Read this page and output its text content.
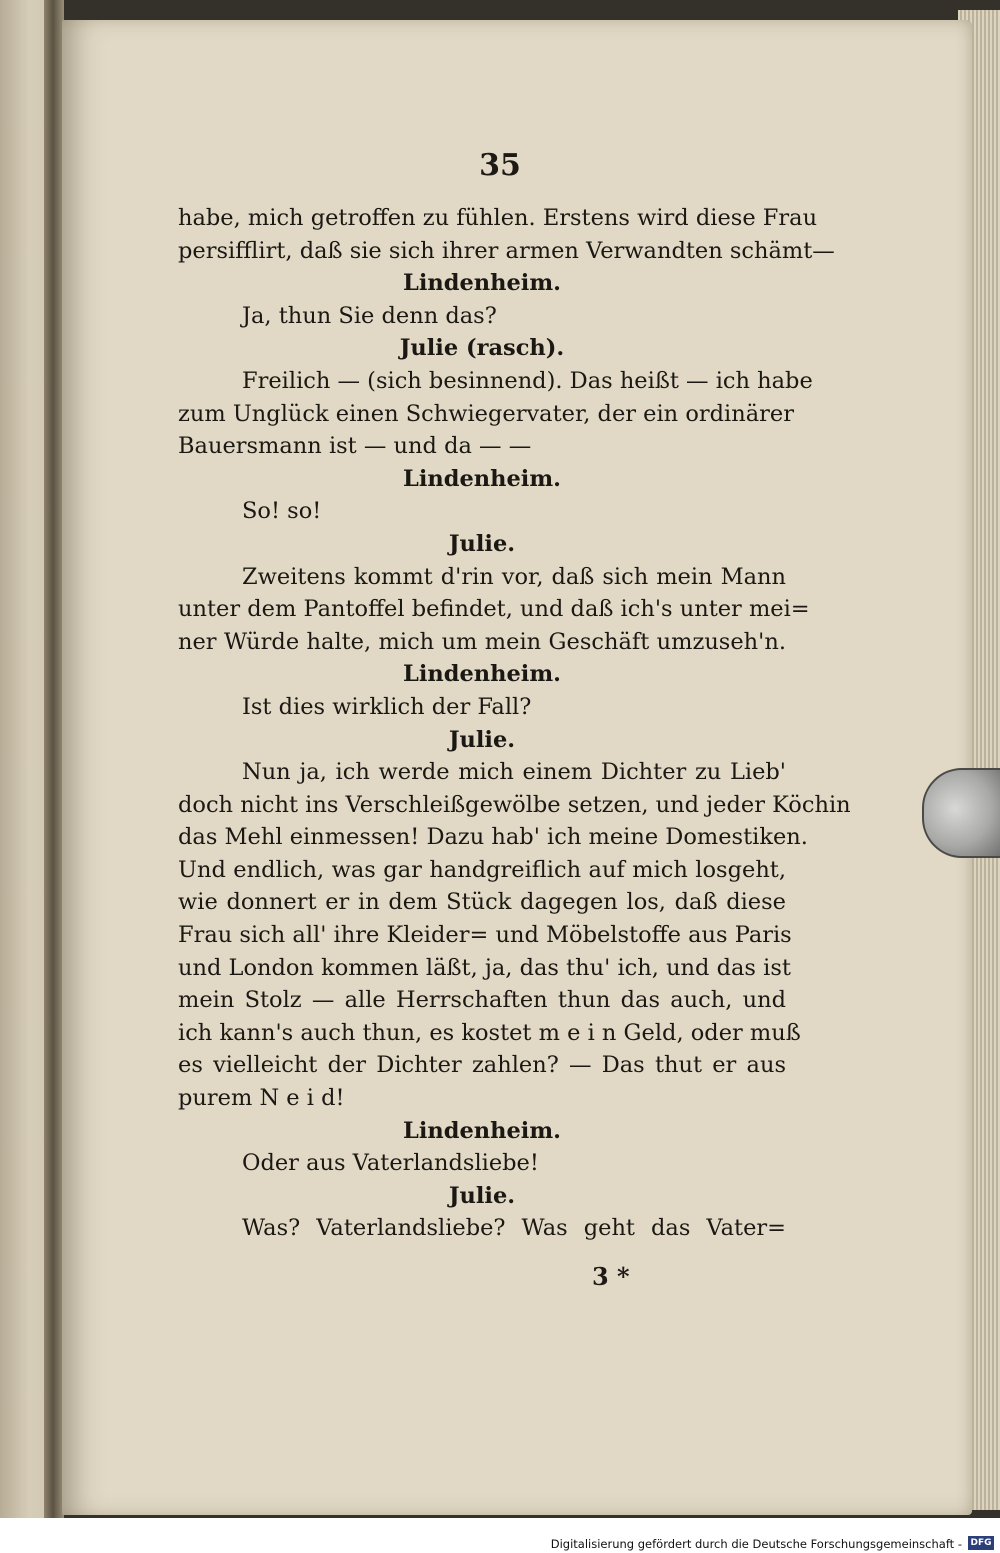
35
habe, mich getroffen zu fühlen. Erstens wird diese Frau
persifflirt, daß sie sich ihrer armen Verwandten schämt—
Lindenheim.
Ja, thun Sie denn das?
Julie (rasch).
Freilich — (sich besinnend). Das heißt — ich habe
zum Unglück einen Schwiegervater, der ein ordinärer
Bauersmann ist — und da — —
Lindenheim.
So! so!
Julie.
Zweitens kommt d'rin vor, daß sich mein Mann
unter dem Pantoffel befindet, und daß ich's unter mei=
ner Würde halte, mich um mein Geschäft umzuseh'n.
Lindenheim.
Ist dies wirklich der Fall?
Julie.
Nun ja, ich werde mich einem Dichter zu Lieb'
doch nicht ins Verschleißgewölbe setzen, und jeder Köchin
das Mehl einmessen! Dazu hab' ich meine Domestiken.
Und endlich, was gar handgreiflich auf mich losgeht,
wie donnert er in dem Stück dagegen los, daß diese
Frau sich all' ihre Kleider= und Möbelstoffe aus Paris
und London kommen läßt, ja, das thu' ich, und das ist
mein Stolz — alle Herrschaften thun das auch, und
ich kann's auch thun, es kostet m e i n Geld, oder muß
es vielleicht der Dichter zahlen? — Das thut er aus
purem N e i d!
Lindenheim.
Oder aus Vaterlandsliebe!
Julie.
Was? Vaterlandsliebe? Was geht das Vater=
3 *
Digitalisierung gefördert durch die Deutsche Forschungsgemeinschaft - DFG
